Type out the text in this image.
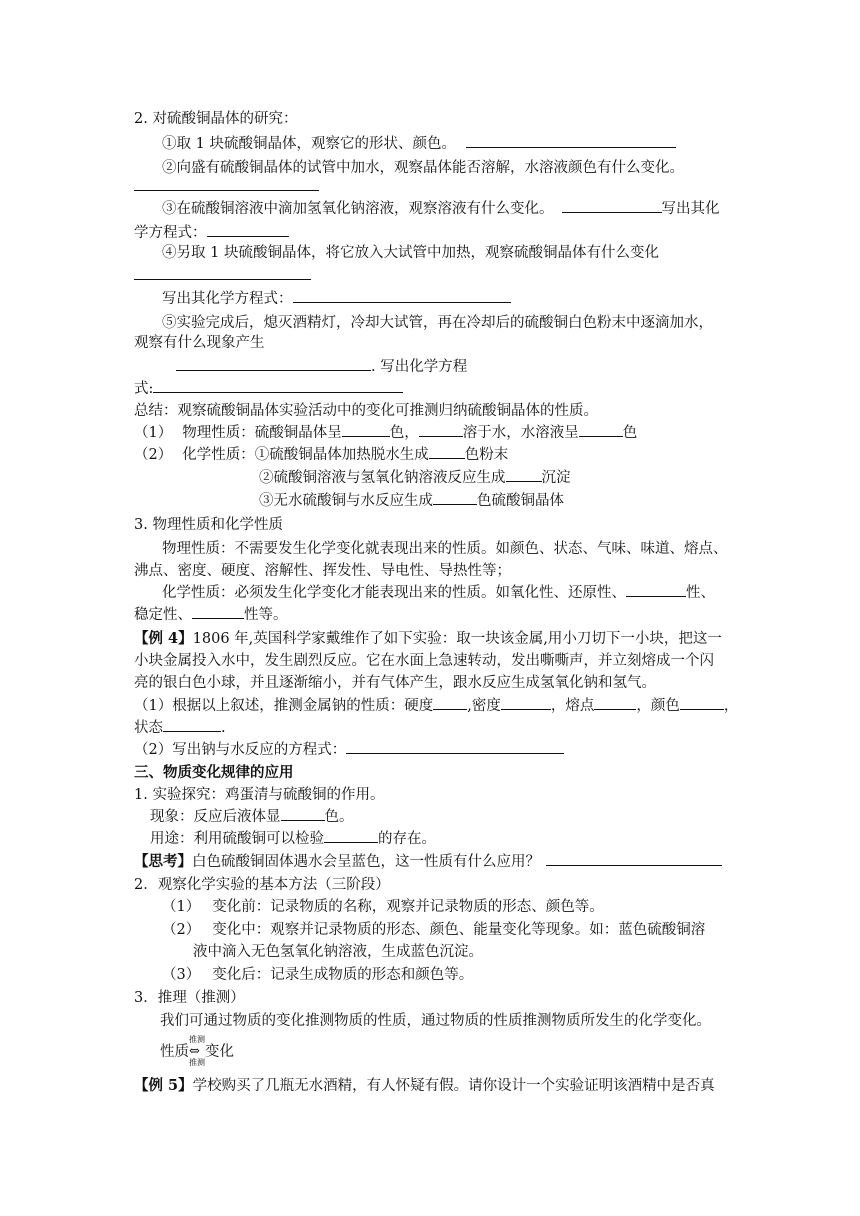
2. 对硫酸铜晶体的研究：
①取 1 块硫酸铜晶体，观察它的形状、颜色。
②向盛有硫酸铜晶体的试管中加水，观察晶体能否溶解，水溶液颜色有什么变化。
③在硫酸铜溶液中滴加氢氧化钠溶液，观察溶液有什么变化。	写出其化
学方程式：
④另取 1 块硫酸铜晶体，将它放入大试管中加热，观察硫酸铜晶体有什么变化
写出其化学方程式：
⑤实验完成后，熄灭酒精灯，冷却大试管，再在冷却后的硫酸铜白色粉末中逐滴加水，
观察有什么现象产生
. 写出化学方程
式:
总结：观察硫酸铜晶体实验活动中的变化可推测归纳硫酸铜晶体的性质。
（1） 物理性质：硫酸铜晶体呈	色，	溶于水，水溶液呈	色
（2） 化学性质：①硫酸铜晶体加热脱水生成 色粉末
②硫酸铜溶液与氢氧化钠溶液反应生成 沉淀
③无水硫酸铜与水反应生成	色硫酸铜晶体
3. 物理性质和化学性质
物理性质：不需要发生化学变化就表现出来的性质。如颜色、状态、气味、味道、熔点、
沸点、密度、硬度、溶解性、挥发性、导电性、导热性等；
化学性质：必须发生化学变化才能表现出来的性质。如氧化性、还原性、	性、
稳定性、	性等。
【例 4】1806 年,英国科学家戴维作了如下实验：取一块该金属,用小刀切下一小块，把这一
小块金属投入水中，发生剧烈反应。它在水面上急速转动，发出嘶嘶声，并立刻熔成一个闪
亮的银白色小球，并且逐渐缩小，并有气体产生，跟水反应生成氢氧化钠和氢气。
（1）根据以上叙述，推测金属钠的性质：硬度 ,密度	，熔点	，颜色	，
状态	.
（2）写出钠与水反应的方程式：
三、物质变化规律的应用
1. 实验探究：鸡蛋清与硫酸铜的作用。
现象：反应后液体显	色。
用途：利用硫酸铜可以检验	的存在。
【思考】白色硫酸铜固体遇水会呈蓝色，这一性质有什么应用？
2．观察化学实验的基本方法（三阶段）
（1） 变化前：记录物质的名称，观察并记录物质的形态、颜色等。
（2） 变化中：观察并记录物质的形态、颜色、能量变化等现象。如：蓝色硫酸铜溶
液中滴入无色氢氧化钠溶液，生成蓝色沉淀。
（3） 变化后：记录生成物质的形态和颜色等。
3．推理（推测）
我们可通过物质的变化推测物质的性质，通过物质的性质推测物质所发生的化学变化。
性质
推测
⇔
推测
变化
【例 5】学校购买了几瓶无水酒精，有人怀疑有假。请你设计一个实验证明该酒精中是否真
